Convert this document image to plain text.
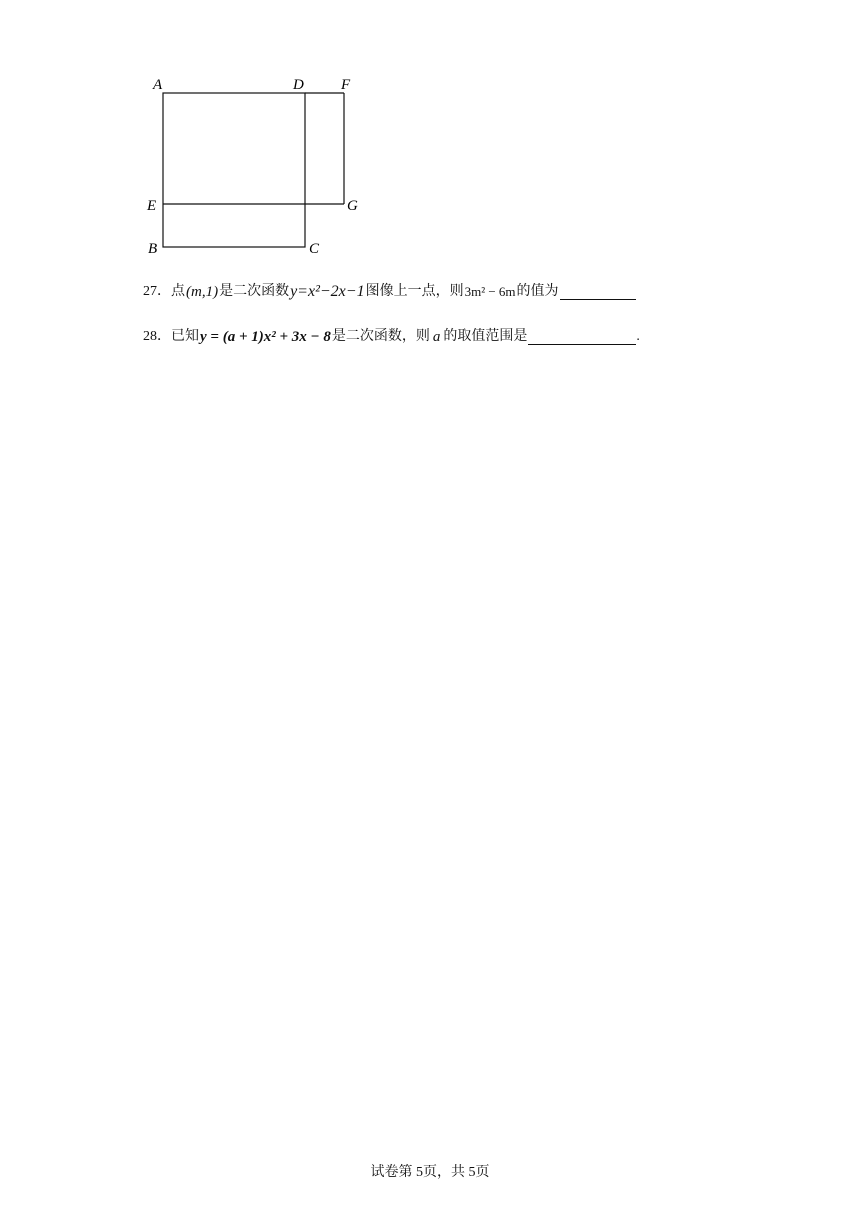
A	D F
E	G
B	C
27． 点 (m,1) 是二次函数 y=x²−2x−1 图像上一点，则 3m² − 6m 的值为
28． 已知 y = (a + 1)x² + 3x − 8 是二次函数，则 a 的取值范围是	.
试卷第 5页，共 5页
